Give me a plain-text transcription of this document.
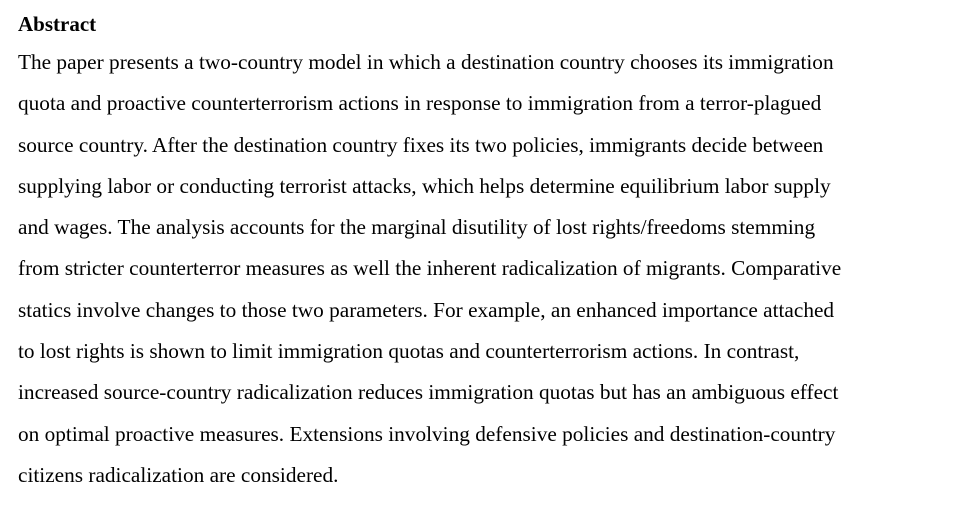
Abstract
The paper presents a two-country model in which a destination country chooses its immigration
quota and proactive counterterrorism actions in response to immigration from a terror-plagued
source country. After the destination country fixes its two policies, immigrants decide between
supplying labor or conducting terrorist attacks, which helps determine equilibrium labor supply
and wages. The analysis accounts for the marginal disutility of lost rights/freedoms stemming
from stricter counterterror measures as well the inherent radicalization of migrants. Comparative
statics involve changes to those two parameters. For example, an enhanced importance attached
to lost rights is shown to limit immigration quotas and counterterrorism actions. In contrast,
increased source-country radicalization reduces immigration quotas but has an ambiguous effect
on optimal proactive measures. Extensions involving defensive policies and destination-country
citizens radicalization are considered.
